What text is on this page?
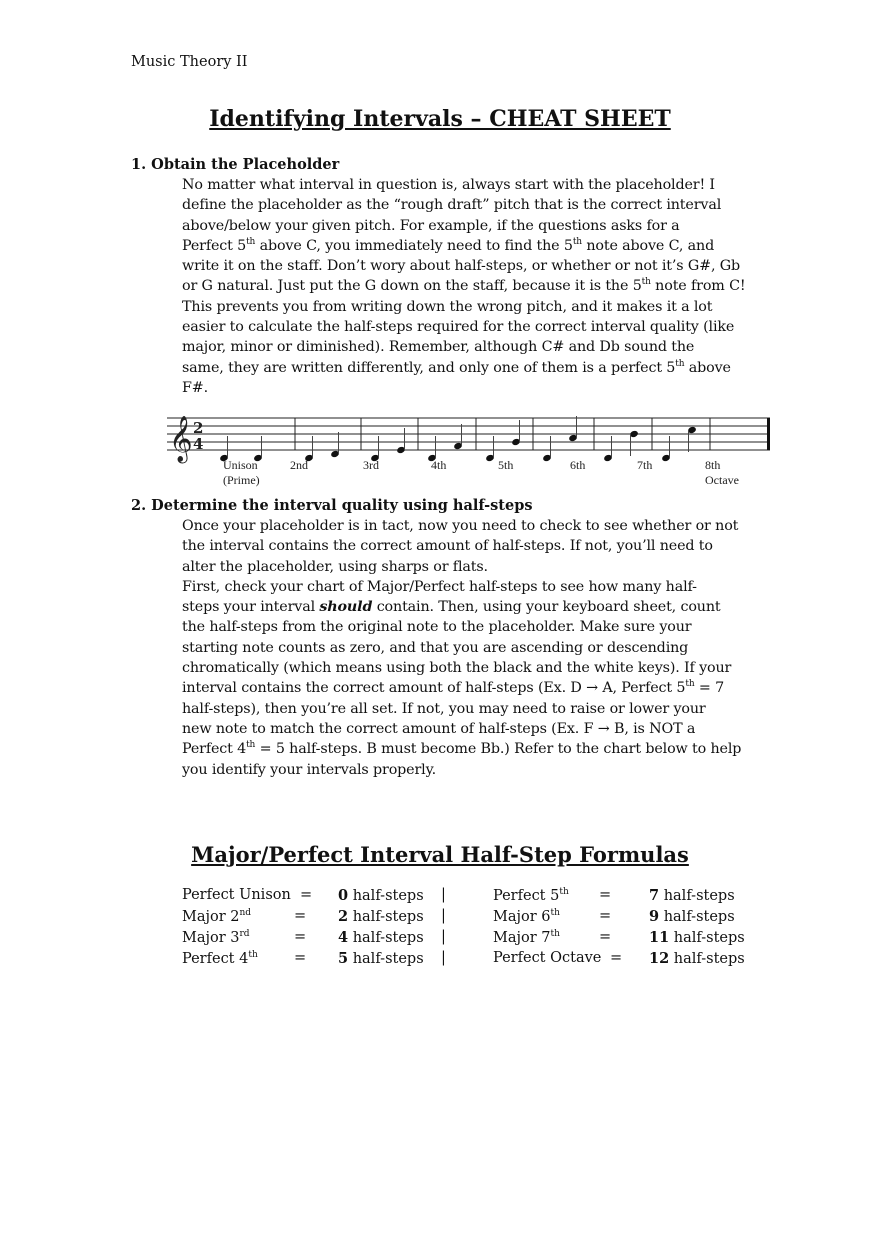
Music Theory II
Identifying Intervals – CHEAT SHEET
1. Obtain the Placeholder
No matter what interval in question is, always start with the placeholder! I
define the placeholder as the “rough draft” pitch that is the correct interval
above/below your given pitch. For example, if the questions asks for a
Perfect 5th above C, you immediately need to find the 5th note above C, and
write it on the staff. Don’t wory about half-steps, or whether or not it’s G#, Gb
or G natural. Just put the G down on the staff, because it is the 5th note from C!
This prevents you from writing down the wrong pitch, and it makes it a lot
easier to calculate the half-steps required for the correct interval quality (like
major, minor or diminished). Remember, although C# and Db sound the
same, they are written differently, and only one of them is a perfect 5th above
F#.
𝄞 2
4
Unison
(Prime)
2nd	3rd	4th	5th	6th	7th	8th
Octave
2. Determine the interval quality using half-steps
Once your placeholder is in tact, now you need to check to see whether or not
the interval contains the correct amount of half-steps. If not, you’ll need to
alter the placeholder, using sharps or flats.
First, check your chart of Major/Perfect half-steps to see how many half-
steps your interval should contain. Then, using your keyboard sheet, count
the half-steps from the original note to the placeholder. Make sure your
starting note counts as zero, and that you are ascending or descending
chromatically (which means using both the black and the white keys). If your
interval contains the correct amount of half-steps (Ex. D → A, Perfect 5th = 7
half-steps), then you’re all set. If not, you may need to raise or lower your
new note to match the correct amount of half-steps (Ex. F → B, is NOT a
Perfect 4th = 5 half-steps. B must become Bb.) Refer to the chart below to help
you identify your intervals properly.
Major/Perfect Interval Half-Step Formulas
Perfect Unison = 0 half-steps	Perfect 5th =	7 half-steps
|
Major 2nd	= 2 half-steps	Major 6th	=	9 half-steps
|
Major 3rd	= 4 half-steps	Major 7th	=	11 half-steps
|
Perfect 4th = 5 half-steps	Perfect Octave = 12 half-steps
|
